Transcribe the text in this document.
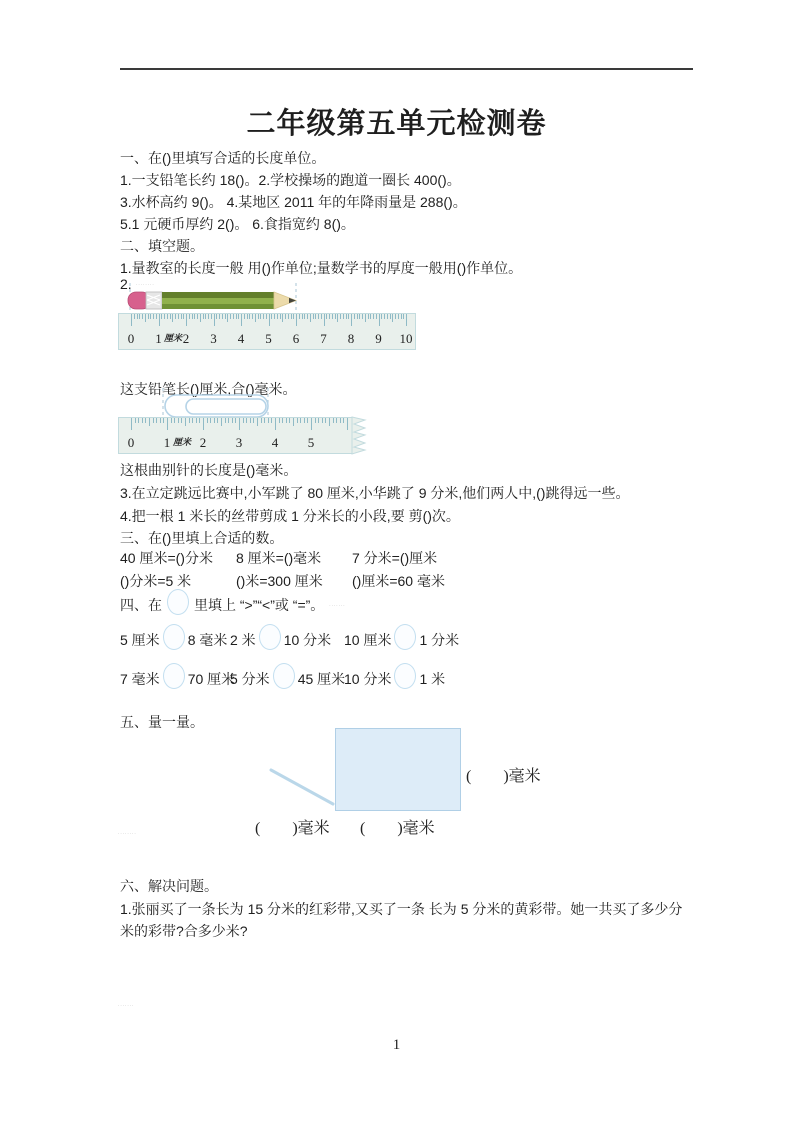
二年级第五单元检测卷
一、在()里填写合适的长度单位。
1.一支铅笔长约 18()。2.学校操场的跑道一圈长 400()。
3.水杯高约 9()。 4.某地区 2011 年的年降雨量是 288()。
5.1 元硬币厚约 2()。 6.食指宽约 8()。
二、填空题。
1.量教室的长度一般 用()作单位;量数学书的厚度一般用()作单位。
2. ········
0 1 厘米 2 3 4 5 6 7 8 9 10
这支铅笔长()厘米,合()毫米。
0 1 厘米 2 3 4 5
这根曲别针的长度是()毫米。
3.在立定跳远比赛中,小军跳了 80 厘米,小华跳了 9 分米,他们两人中,()跳得远一些。
4.把一根 1 米长的丝带剪成 1 分米长的小段,要 剪()次。
三、在()里填上合适的数。
40 厘米=()分米 8 厘米=()毫米 7 分米=()厘米
()分米=5 米	()米=300 厘米 ()厘米=60 毫米
四、在 里填上 “>”“<”或 “=”。 ·······
5 厘米 8 毫米 2 米 10 分米 10 厘米 1 分米
7 毫米 70 厘米
5 分米 45 厘米
10 分米 1 米
五、量一量。
(　　)毫米
(　　)毫米 (　　)毫米
········
六、解决问题。
1.张丽买了一条长为 15 分米的红彩带,又买了一条 长为 5 分米的黄彩带。她一共买了多少分米的彩带?合多少米?
·······
1
